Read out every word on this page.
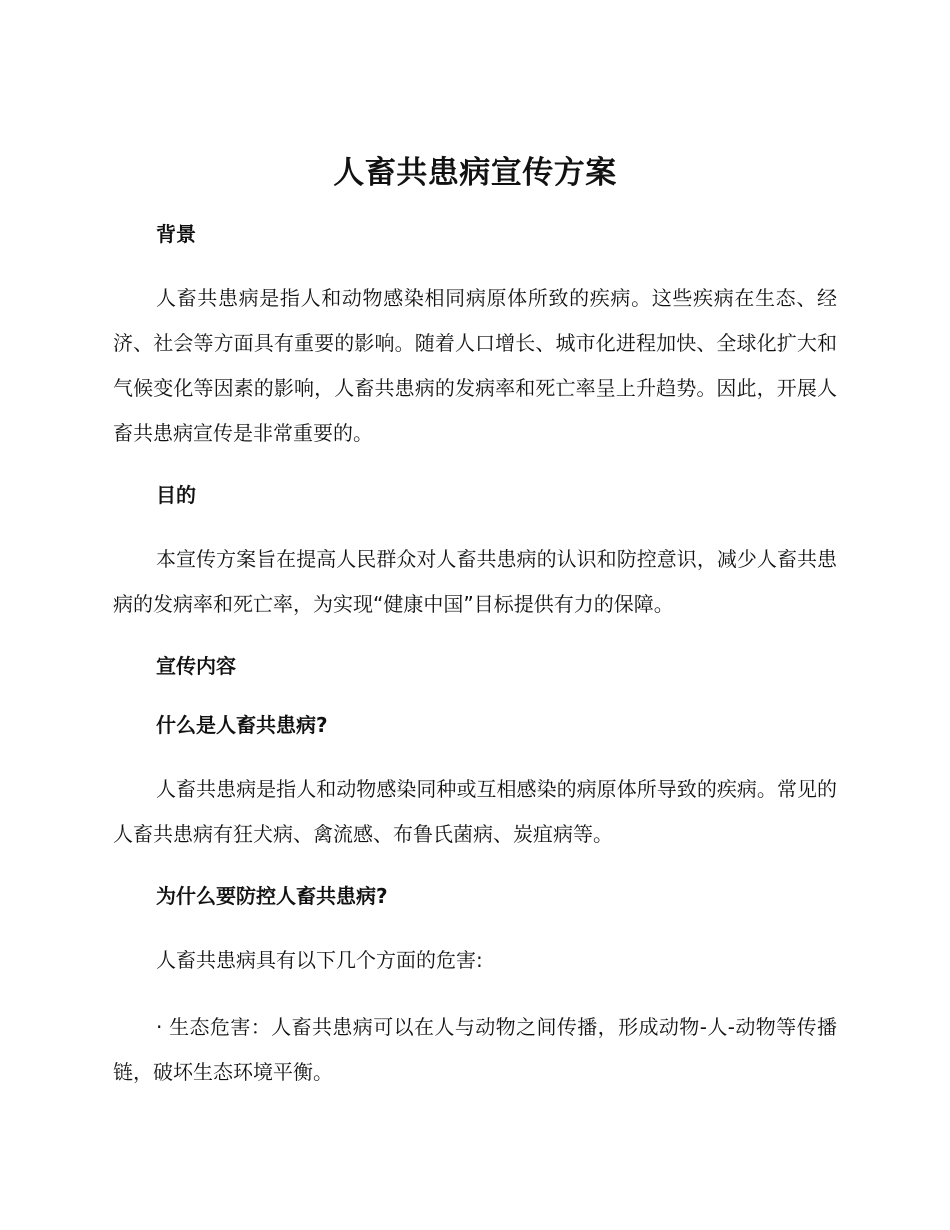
人畜共患病宣传方案
背景

人畜共患病是指人和动物感染相同病原体所致的疾病。这些疾病在生态、经济、社会等方面具有重要的影响。随着人口增长、城市化进程加快、全球化扩大和气候变化等因素的影响，人畜共患病的发病率和死亡率呈上升趋势。因此，开展人畜共患病宣传是非常重要的。

目的

本宣传方案旨在提高人民群众对人畜共患病的认识和防控意识，减少人畜共患病的发病率和死亡率，为实现“健康中国”目标提供有力的保障。

宣传内容
什么是人畜共患病?

人畜共患病是指人和动物感染同种或互相感染的病原体所导致的疾病。常见的人畜共患病有狂犬病、禽流感、布鲁氏菌病、炭疽病等。

为什么要防控人畜共患病?

人畜共患病具有以下几个方面的危害:

· 生态危害：人畜共患病可以在人与动物之间传播，形成动物-人-动物等传播链，破坏生态环境平衡。
